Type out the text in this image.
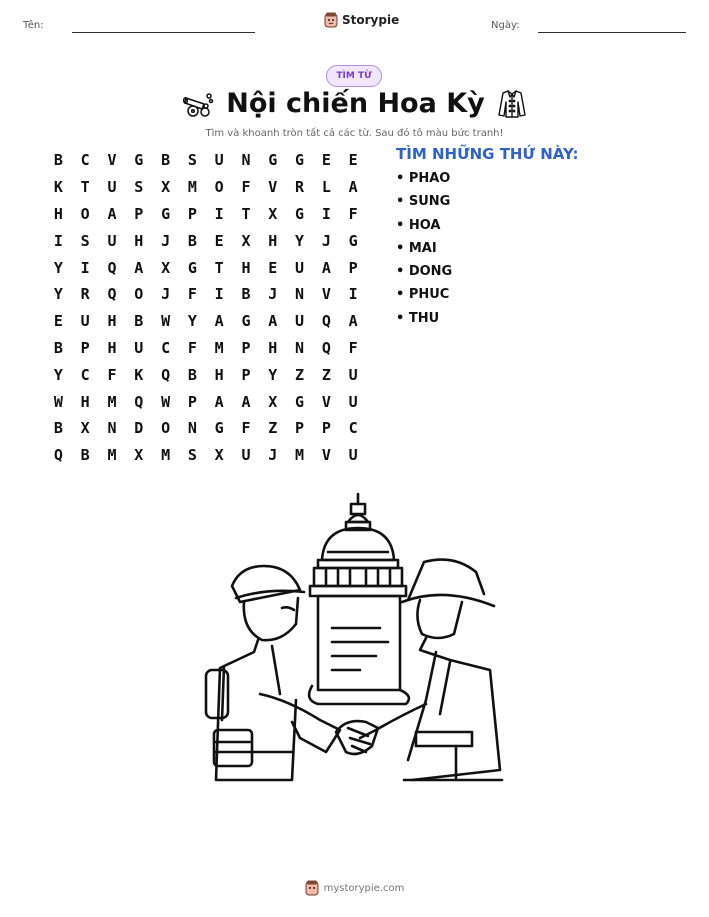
Tên:	Storypie	Ngày:
TÌM TỪ
Nội chiến Hoa Kỳ
Tìm và khoanh tròn tất cả các từ. Sau đó tô màu bức tranh!
B	C	V	G	B	S	U	N	G	G	E	E
K	T	U	S	X	M	O	F	V	R	L	A
H	O	A	P	G	P	I	T	X	G	I	F
I	S	U	H	J	B	E	X	H	Y	J	G
Y	I	Q	A	X	G	T	H	E	U	A	P
Y	R	Q	O	J	F	I	B	J	N	V	I
E	U	H	B	W	Y	A	G	A	U	Q	A
B	P	H	U	C	F	M	P	H	N	Q	F
Y	C	F	K	Q	B	H	P	Y	Z	Z	U
W	H	M	Q	W	P	A	A	X	G	V	U
B	X	N	D	O	N	G	F	Z	P	P	C
Q	B	M	X	M	S	X	U	J	M	V	U
TÌM NHỮNG THỨ NÀY:
• PHAO
• SUNG
• HOA
• MAI
• DONG
• PHUC
• THU
mystorypie.com
